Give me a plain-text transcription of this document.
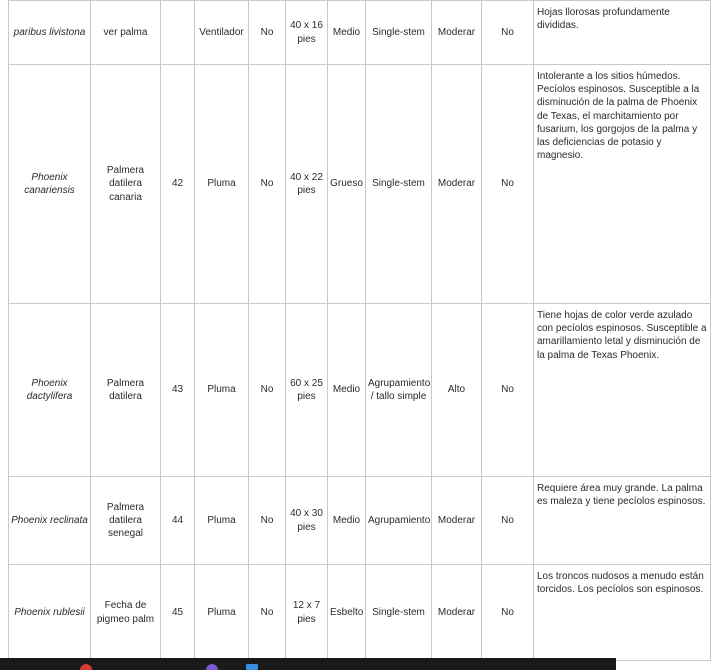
paribus livistona	ver palma		Ventilador	No	40 x 16 pies	Medio	Single-stem	Moderar	No	Hojas llorosas profundamente divididas.
Phoenix canariensis	Palmera datilera canaria	42	Pluma	No	40 x 22 pies	Grueso	Single-stem	Moderar	No	Intolerante a los sitios húmedos. Pecíolos espinosos. Susceptible a la disminución de la palma de Phoenix de Texas, el marchitamiento por fusarium, los gorgojos de la palma y las deficiencias de potasio y magnesio.
Phoenix dactylifera	Palmera datilera	43	Pluma	No	60 x 25 pies	Medio	Agrupamiento / tallo simple	Alto	No	Tiene hojas de color verde azulado con pecíolos espinosos. Susceptible a amarillamiento letal y disminución de la palma de Texas Phoenix.
Phoenix reclinata	Palmera datilera senegal	44	Pluma	No	40 x 30 pies	Medio	Agrupamiento	Moderar	No	Requiere área muy grande. La palma es maleza y tiene pecíolos espinosos.
Phoenix rublesii	Fecha de pigmeo palm	45	Pluma	No	12 x 7 pies	Esbelto	Single-stem	Moderar	No	Los troncos nudosos a menudo están torcidos. Los pecíolos son espinosos.
